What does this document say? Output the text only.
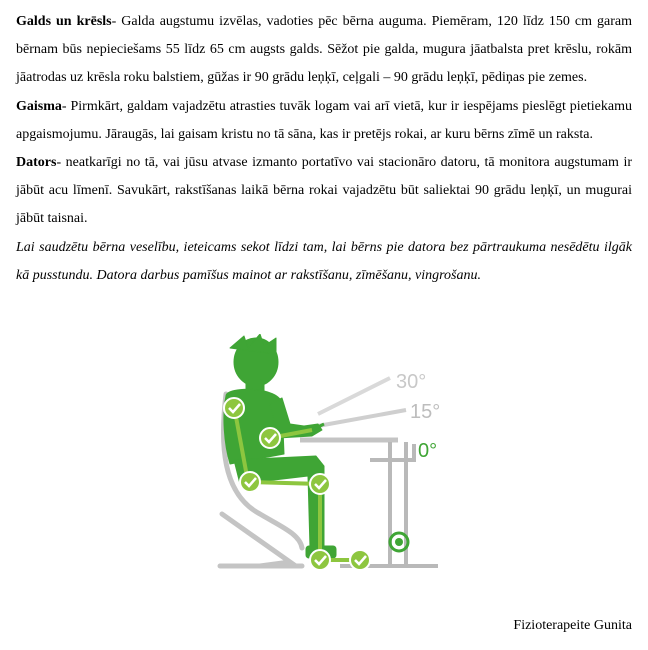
Galds un krēsls- Galda augstumu izvēlas, vadoties pēc bērna auguma. Piemēram, 120 līdz 150 cm garam bērnam būs nepieciešams 55 līdz 65 cm augsts galds. Sēžot pie galda, mugura jāatbalsta pret krēslu, rokām jāatrodas uz krēsla roku balstiem, gūžas ir 90 grādu leņķī, ceļgali – 90 grādu leņķī, pēdiņas pie zemes.

Gaisma- Pirmkārt, galdam vajadzētu atrasties tuvāk logam vai arī vietā, kur ir iespējams pieslēgt pietiekamu apgaismojumu. Jāraugās, lai gaisam kristu no tā sāna, kas ir pretējs rokai, ar kuru bērns zīmē un raksta.

Dators- neatkarīgi no tā, vai jūsu atvase izmanto portatīvo vai stacionāro datoru, tā monitora augstumam ir jābūt acu līmenī. Savukārt, rakstīšanas laikā bērna rokai vajadzētu būt saliektai 90 grādu leņķī, un mugurai jābūt taisnai.

Lai saudzētu bērna veselību, ieteicams sekot līdzi tam, lai bērns pie datora bez pārtraukuma nesēdētu ilgāk kā pusstundu. Datora darbus pamīšus mainot ar rakstīšanu, zīmēšanu, vingrošanu.

30°
15°
0°
Fizioterapeite Gunita
